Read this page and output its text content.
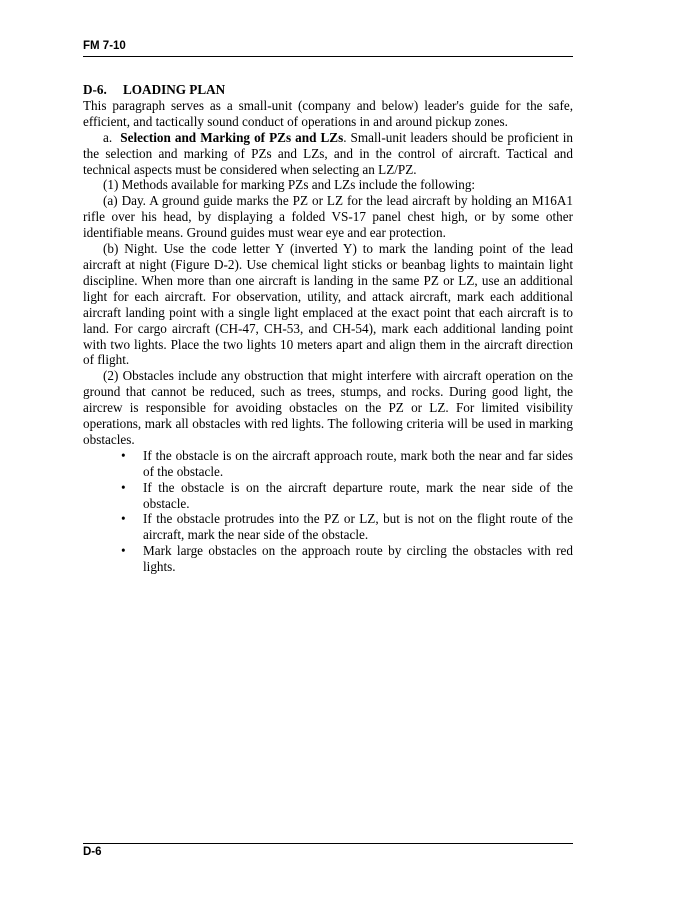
FM 7-10

D-6. LOADING PLAN

This paragraph serves as a small-unit (company and below) leader's guide for the safe, efficient, and tactically sound conduct of operations in and around pickup zones.

a. Selection and Marking of PZs and LZs. Small-unit leaders should be proficient in the selection and marking of PZs and LZs, and in the control of aircraft. Tactical and technical aspects must be considered when selecting an LZ/PZ.

(1) Methods available for marking PZs and LZs include the following:

(a) Day. A ground guide marks the PZ or LZ for the lead aircraft by holding an M16A1 rifle over his head, by displaying a folded VS-17 panel chest high, or by some other identifiable means. Ground guides must wear eye and ear protection.

(b) Night. Use the code letter Y (inverted Y) to mark the landing point of the lead aircraft at night (Figure D-2). Use chemical light sticks or beanbag lights to maintain light discipline. When more than one aircraft is landing in the same PZ or LZ, use an additional light for each aircraft. For observation, utility, and attack aircraft, mark each additional aircraft landing point with a single light emplaced at the exact point that each aircraft is to land. For cargo aircraft (CH-47, CH-53, and CH-54), mark each additional landing point with two lights. Place the two lights 10 meters apart and align them in the aircraft direction of flight.

(2) Obstacles include any obstruction that might interfere with aircraft operation on the ground that cannot be reduced, such as trees, stumps, and rocks. During good light, the aircrew is responsible for avoiding obstacles on the PZ or LZ. For limited visibility operations, mark all obstacles with red lights. The following criteria will be used in marking obstacles.

• If the obstacle is on the aircraft approach route, mark both the near and far sides of the obstacle.
• If the obstacle is on the aircraft departure route, mark the near side of the obstacle.
• If the obstacle protrudes into the PZ or LZ, but is not on the flight route of the aircraft, mark the near side of the obstacle.
• Mark large obstacles on the approach route by circling the obstacles with red lights.
D-6
